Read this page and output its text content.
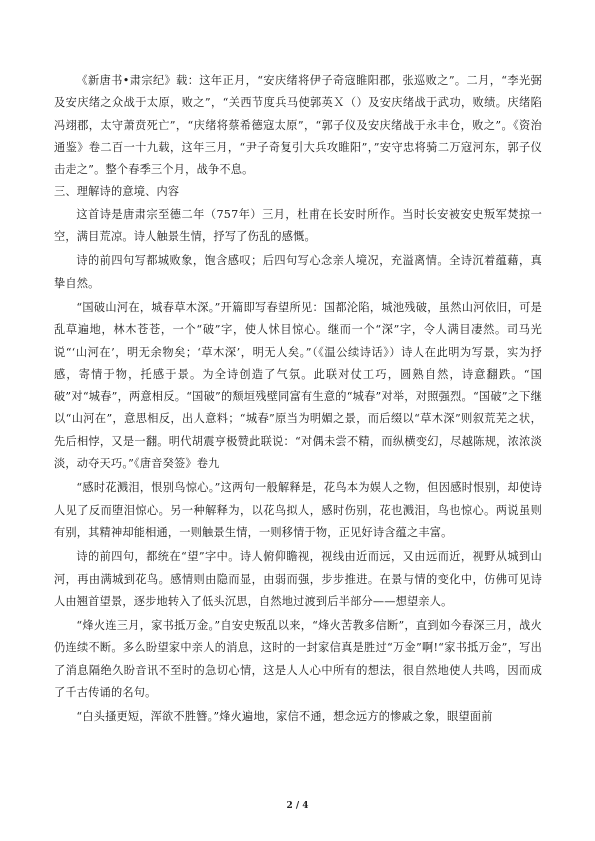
《新唐书•肃宗纪》载：这年正月，“安庆绪将伊子奇寇睢阳郡，张巡败之”。二月，“李光弼及安庆绪之众战于太原，败之”，“关西节度兵马使郭英Ｘ（）及安庆绪战于武功，败绩。庆绪陷冯翊郡，太守萧贲死亡”，“庆绪将蔡希德寇太原”，“郭子仪及安庆绪战于永丰仓，败之”。《资治通鉴》卷二百一十九载，这年三月，“尹子奇复引大兵攻睢阳”，”安守忠将骑二万寇河东，郭子仪击走之”。整个春季三个月，战争不息。

三、理解诗的意境、内容

这首诗是唐肃宗至德二年（757年）三月，杜甫在长安时所作。当时长安被安史叛军焚掠一空，满目荒凉。诗人触景生情，抒写了伤乱的感慨。

诗的前四句写都城败象，饱含感叹；后四句写心念亲人境况，充溢离情。全诗沉着蕴藉，真挚自然。

“国破山河在，城春草木深。”开篇即写春望所见：国都沦陷，城池残破，虽然山河依旧，可是乱草遍地，林木苍苍，一个“破”字，使人怵目惊心。继而一个“深”字，令人满目凄然。司马光说“‘山河在’，明无余物矣；‘草木深’，明无人矣。”（《温公续诗话》）诗人在此明为写景，实为抒感，寄情于物，托感于景。为全诗创造了气氛。此联对仗工巧，圆熟自然，诗意翻跌。“国破”对“城春”，两意相反。“国破”的颓垣残壁同富有生意的“城春”对举，对照强烈。“国破”之下继以“山河在”，意思相反，出人意料；“城春”原当为明媚之景，而后缀以“草木深”则叙荒芜之状，先后相悖，又是一翻。明代胡震亨极赞此联说：“对偶未尝不精，而纵横变幻，尽越陈规，浓浓淡淡，动夺天巧。”《唐音癸签》卷九

“感时花溅泪，恨别鸟惊心。”这两句一般解释是，花鸟本为娱人之物，但因感时恨别，却使诗人见了反而堕泪惊心。另一种解释为，以花鸟拟人，感时伤别，花也溅泪，鸟也惊心。两说虽则有别，其精神却能相通，一则触景生情，一则移情于物，正见好诗含蕴之丰富。

诗的前四句，都统在“望”字中。诗人俯仰瞻视，视线由近而远，又由远而近，视野从城到山河，再由满城到花鸟。感情则由隐而显，由弱而强，步步推进。在景与情的变化中，仿佛可见诗人由翘首望景，逐步地转入了低头沉思，自然地过渡到后半部分——想望亲人。

“烽火连三月，家书抵万金。”自安史叛乱以来，“烽火苦教多信断”，直到如今春深三月，战火仍连续不断。多么盼望家中亲人的消息，这时的一封家信真是胜过“万金”啊!“家书抵万金”，写出了消息隔绝久盼音讯不至时的急切心情，这是人人心中所有的想法，很自然地使人共鸣，因而成了千古传诵的名句。

“白头搔更短，浑欲不胜簪。”烽火遍地，家信不通，想念远方的惨戚之象，眼望面前

2 / 4
